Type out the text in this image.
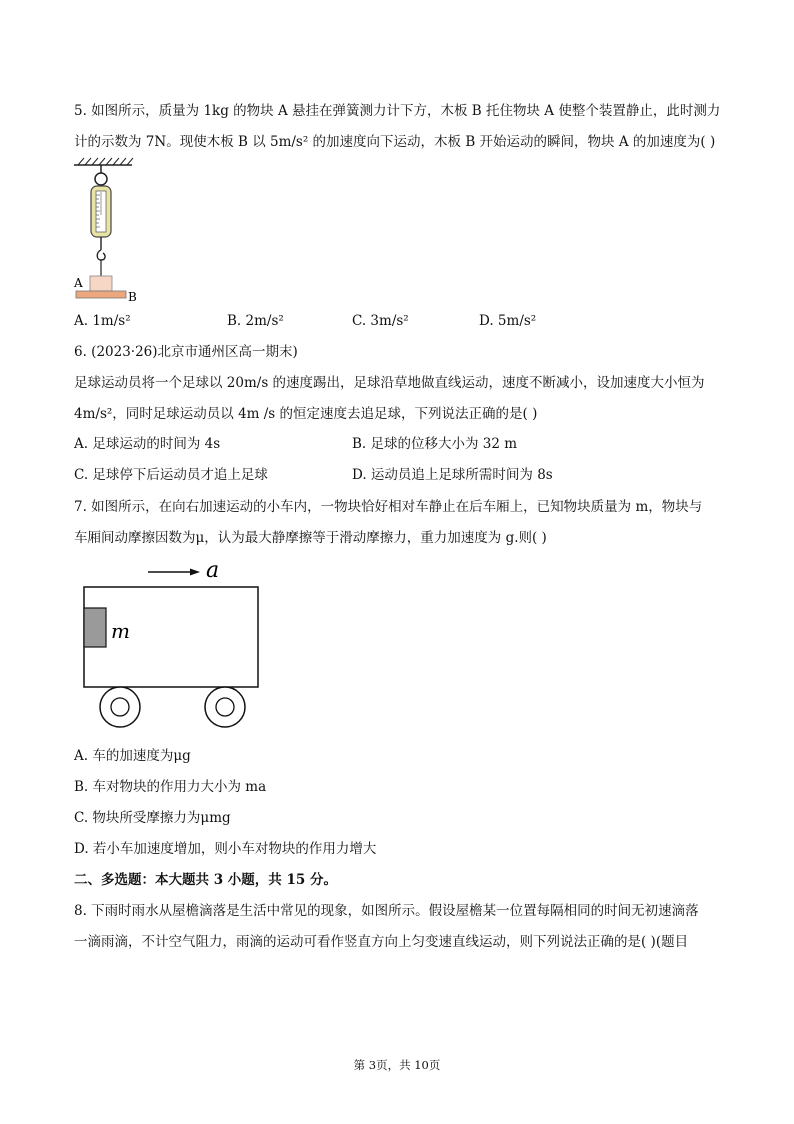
5. 如图所示，质量为 1kg 的物块 A 悬挂在弹簧测力计下方，木板 B 托住物块 A 使整个装置静止，此时测力
计的示数为 7N。现使木板 B 以 5m/s² 的加速度向下运动，木板 B 开始运动的瞬间，物块 A 的加速度为( )
A
B
A. 1m/s²	B. 2m/s²	C. 3m/s²	D. 5m/s²
6. (2023·26)北京市通州区高一期末)
足球运动员将一个足球以 20m/s 的速度踢出，足球沿草地做直线运动，速度不断减小，设加速度大小恒为
4m/s²，同时足球运动员以 4m /s 的恒定速度去追足球，下列说法正确的是( )
A. 足球运动的时间为 4s	B. 足球的位移大小为 32 m
C. 足球停下后运动员才追上足球	D. 运动员追上足球所需时间为 8s
7. 如图所示，在向右加速运动的小车内，一物块恰好相对车静止在后车厢上，已知物块质量为 m，物块与
车厢间动摩擦因数为μ，认为最大静摩擦等于滑动摩擦力，重力加速度为 g.则( )
a
m
A. 车的加速度为μg
B. 车对物块的作用力大小为 ma
C. 物块所受摩擦力为μmg
D. 若小车加速度增加，则小车对物块的作用力增大
二、多选题：本大题共 3 小题，共 15 分。
8. 下雨时雨水从屋檐滴落是生活中常见的现象，如图所示。假设屋檐某一位置每隔相同的时间无初速滴落
一滴雨滴，不计空气阻力，雨滴的运动可看作竖直方向上匀变速直线运动，则下列说法正确的是( )(题目
第 3页，共 10页
